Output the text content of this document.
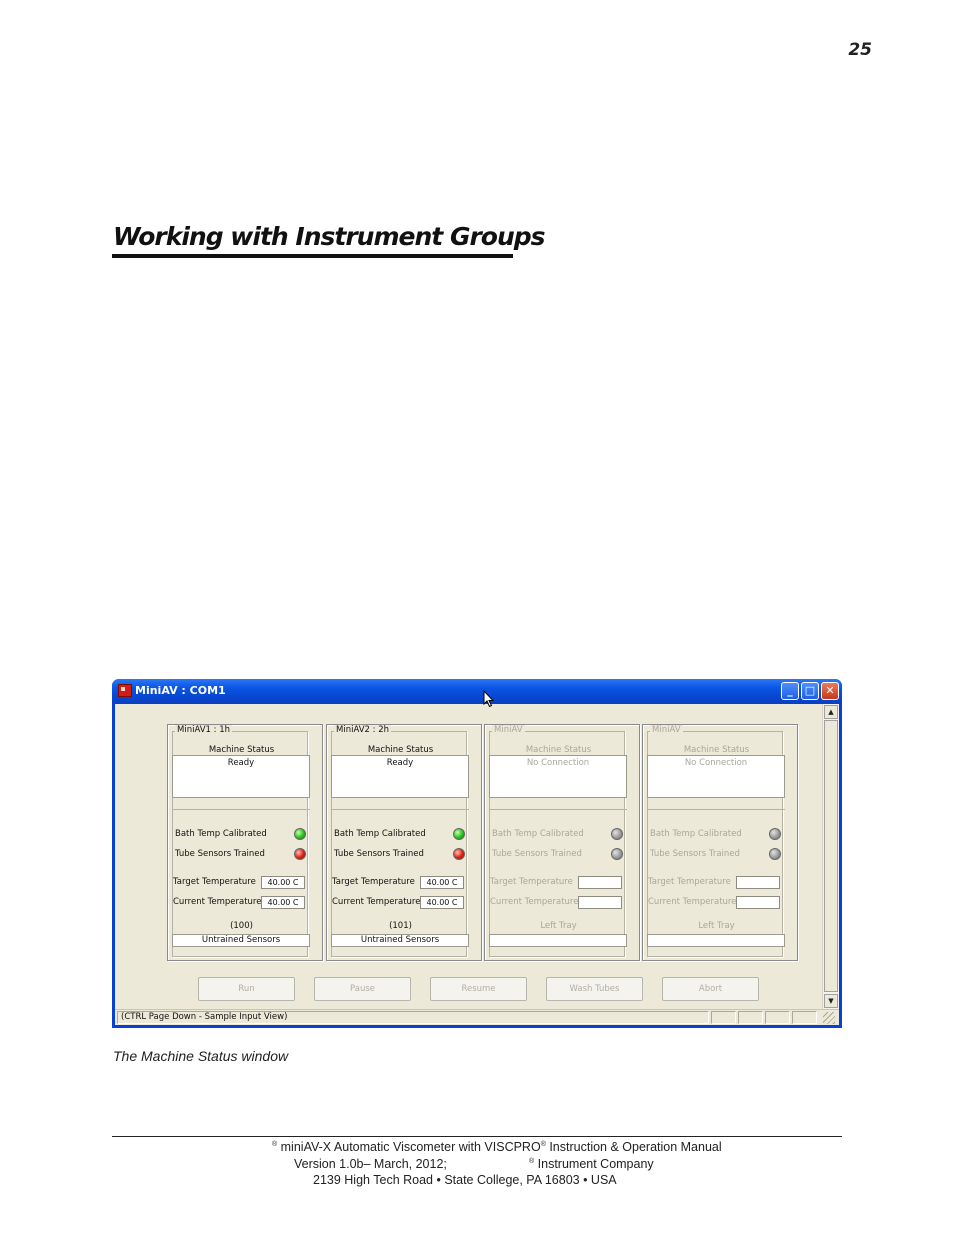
25
Working with Instrument Groups
MiniAV : COM1	_	□ ✕
MiniAV1 : 1h
Machine Status
Ready
Bath Temp Calibrated
Tube Sensors Trained
Target Temperature	40.00 C
Current Temperature 40.00 C
(100)
Untrained Sensors
MiniAV2 : 2h
Machine Status
Ready
Bath Temp Calibrated
Tube Sensors Trained
Target Temperature	40.00 C
Current Temperature 40.00 C
(101)
Untrained Sensors
MiniAV
Machine Status
No Connection
Bath Temp Calibrated
Tube Sensors Trained
Target Temperature
Current Temperature
Left Tray
MiniAV
Machine Status
No Connection
Bath Temp Calibrated
Tube Sensors Trained
Target Temperature
Current Temperature
Left Tray
Run	Pause	Resume	Wash Tubes	Abort
▲
▼
(CTRL Page Down - Sample Input View)
The Machine Status window
® miniAV-X Automatic Viscometer with VISCPRO® Instruction & Operation Manual
Version 1.0b– March, 2012;	® Instrument Company
2139 High Tech Road • State College, PA 16803 • USA
